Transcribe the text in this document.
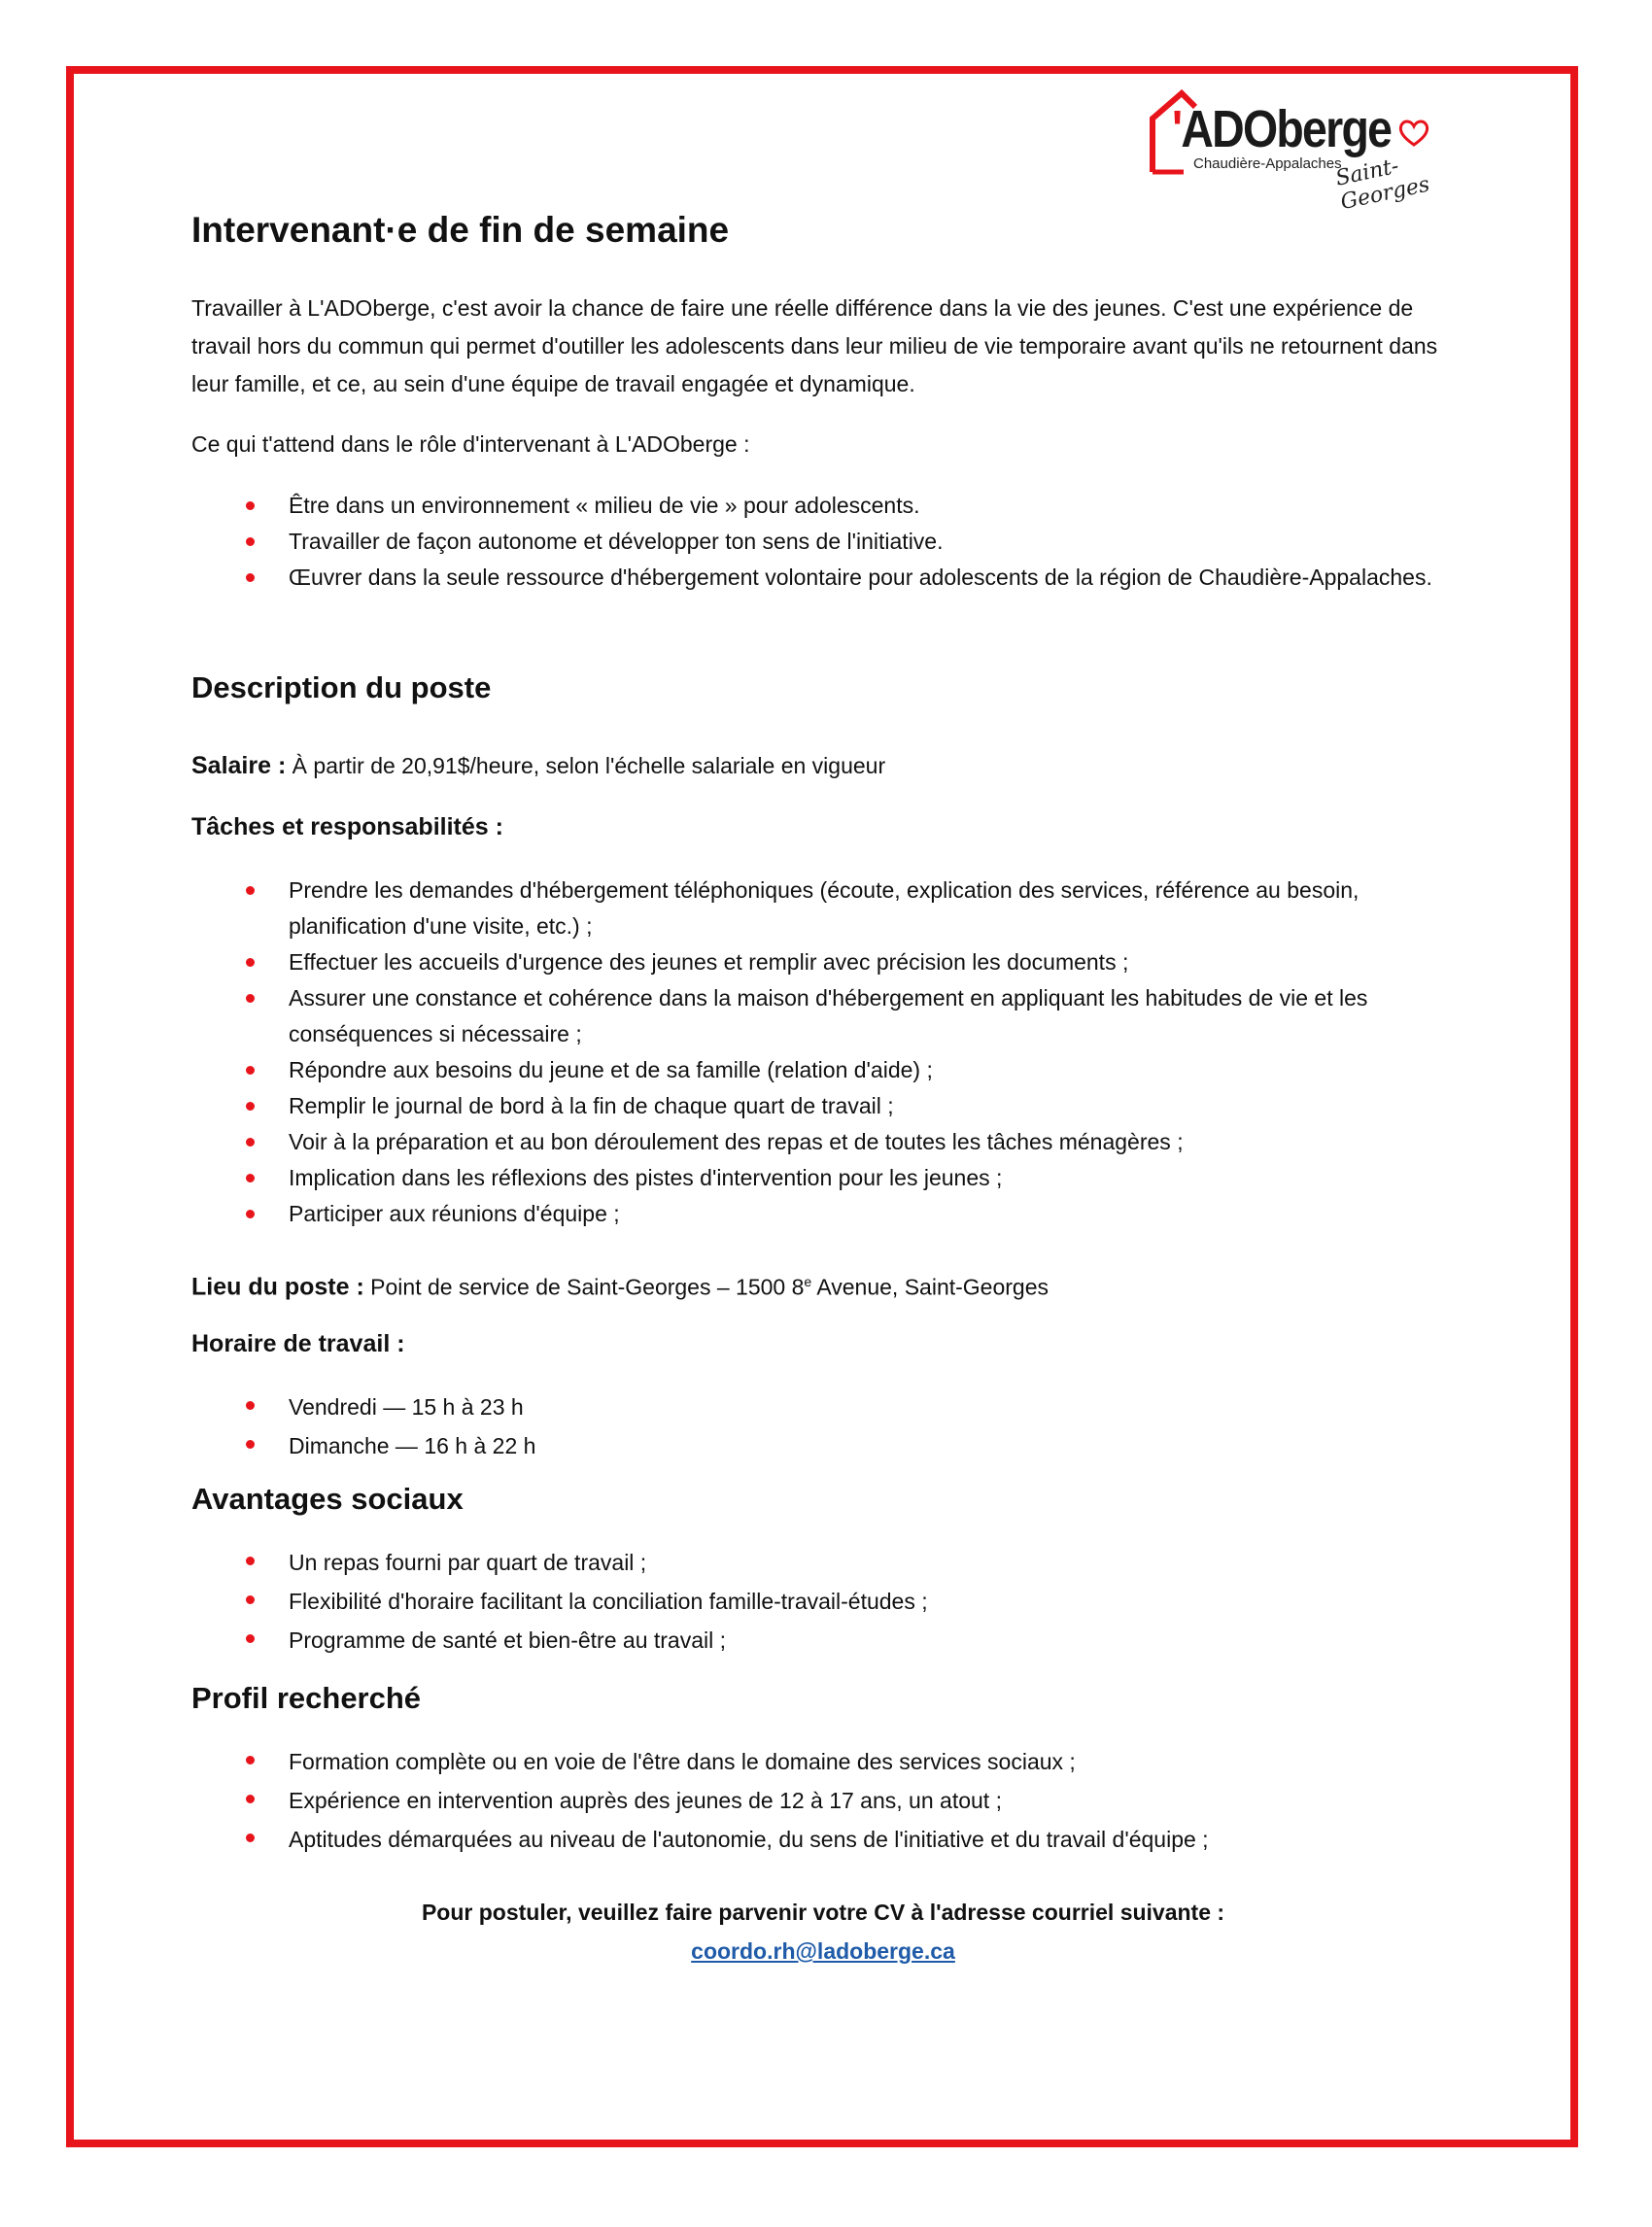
'ADOberge
Chaudière-Appalaches
Saint-Georges
Intervenant·e de fin de semaine

Travailler à L'ADOberge, c'est avoir la chance de faire une réelle différence dans la vie des jeunes. C'est une expérience de travail hors du commun qui permet d'outiller les adolescents dans leur milieu de vie temporaire avant qu'ils ne retournent dans leur famille, et ce, au sein d'une équipe de travail engagée et dynamique.

Ce qui t'attend dans le rôle d'intervenant à L'ADOberge :

Être dans un environnement « milieu de vie » pour adolescents.
Travailler de façon autonome et développer ton sens de l'initiative.
Œuvrer dans la seule ressource d'hébergement volontaire pour adolescents de la région de Chaudière-Appalaches.
Description du poste

Salaire : À partir de 20,91$/heure, selon l'échelle salariale en vigueur

Tâches et responsabilités :

Prendre les demandes d'hébergement téléphoniques (écoute, explication des services, référence au besoin, planification d'une visite, etc.) ;
Effectuer les accueils d'urgence des jeunes et remplir avec précision les documents ;
Assurer une constance et cohérence dans la maison d'hébergement en appliquant les habitudes de vie et les conséquences si nécessaire ;
Répondre aux besoins du jeune et de sa famille (relation d'aide) ;
Remplir le journal de bord à la fin de chaque quart de travail ;
Voir à la préparation et au bon déroulement des repas et de toutes les tâches ménagères ;
Implication dans les réflexions des pistes d'intervention pour les jeunes ;
Participer aux réunions d'équipe ;

Lieu du poste : Point de service de Saint-Georges – 1500 8e Avenue, Saint-Georges

Horaire de travail :

Vendredi — 15 h à 23 h
Dimanche — 16 h à 22 h
Avantages sociaux
Un repas fourni par quart de travail ;
Flexibilité d'horaire facilitant la conciliation famille-travail-études ;
Programme de santé et bien-être au travail ;
Profil recherché
Formation complète ou en voie de l'être dans le domaine des services sociaux ;
Expérience en intervention auprès des jeunes de 12 à 17 ans, un atout ;
Aptitudes démarquées au niveau de l'autonomie, du sens de l'initiative et du travail d'équipe ;
Pour postuler, veuillez faire parvenir votre CV à l'adresse courriel suivante :
coordo.rh@ladoberge.ca
